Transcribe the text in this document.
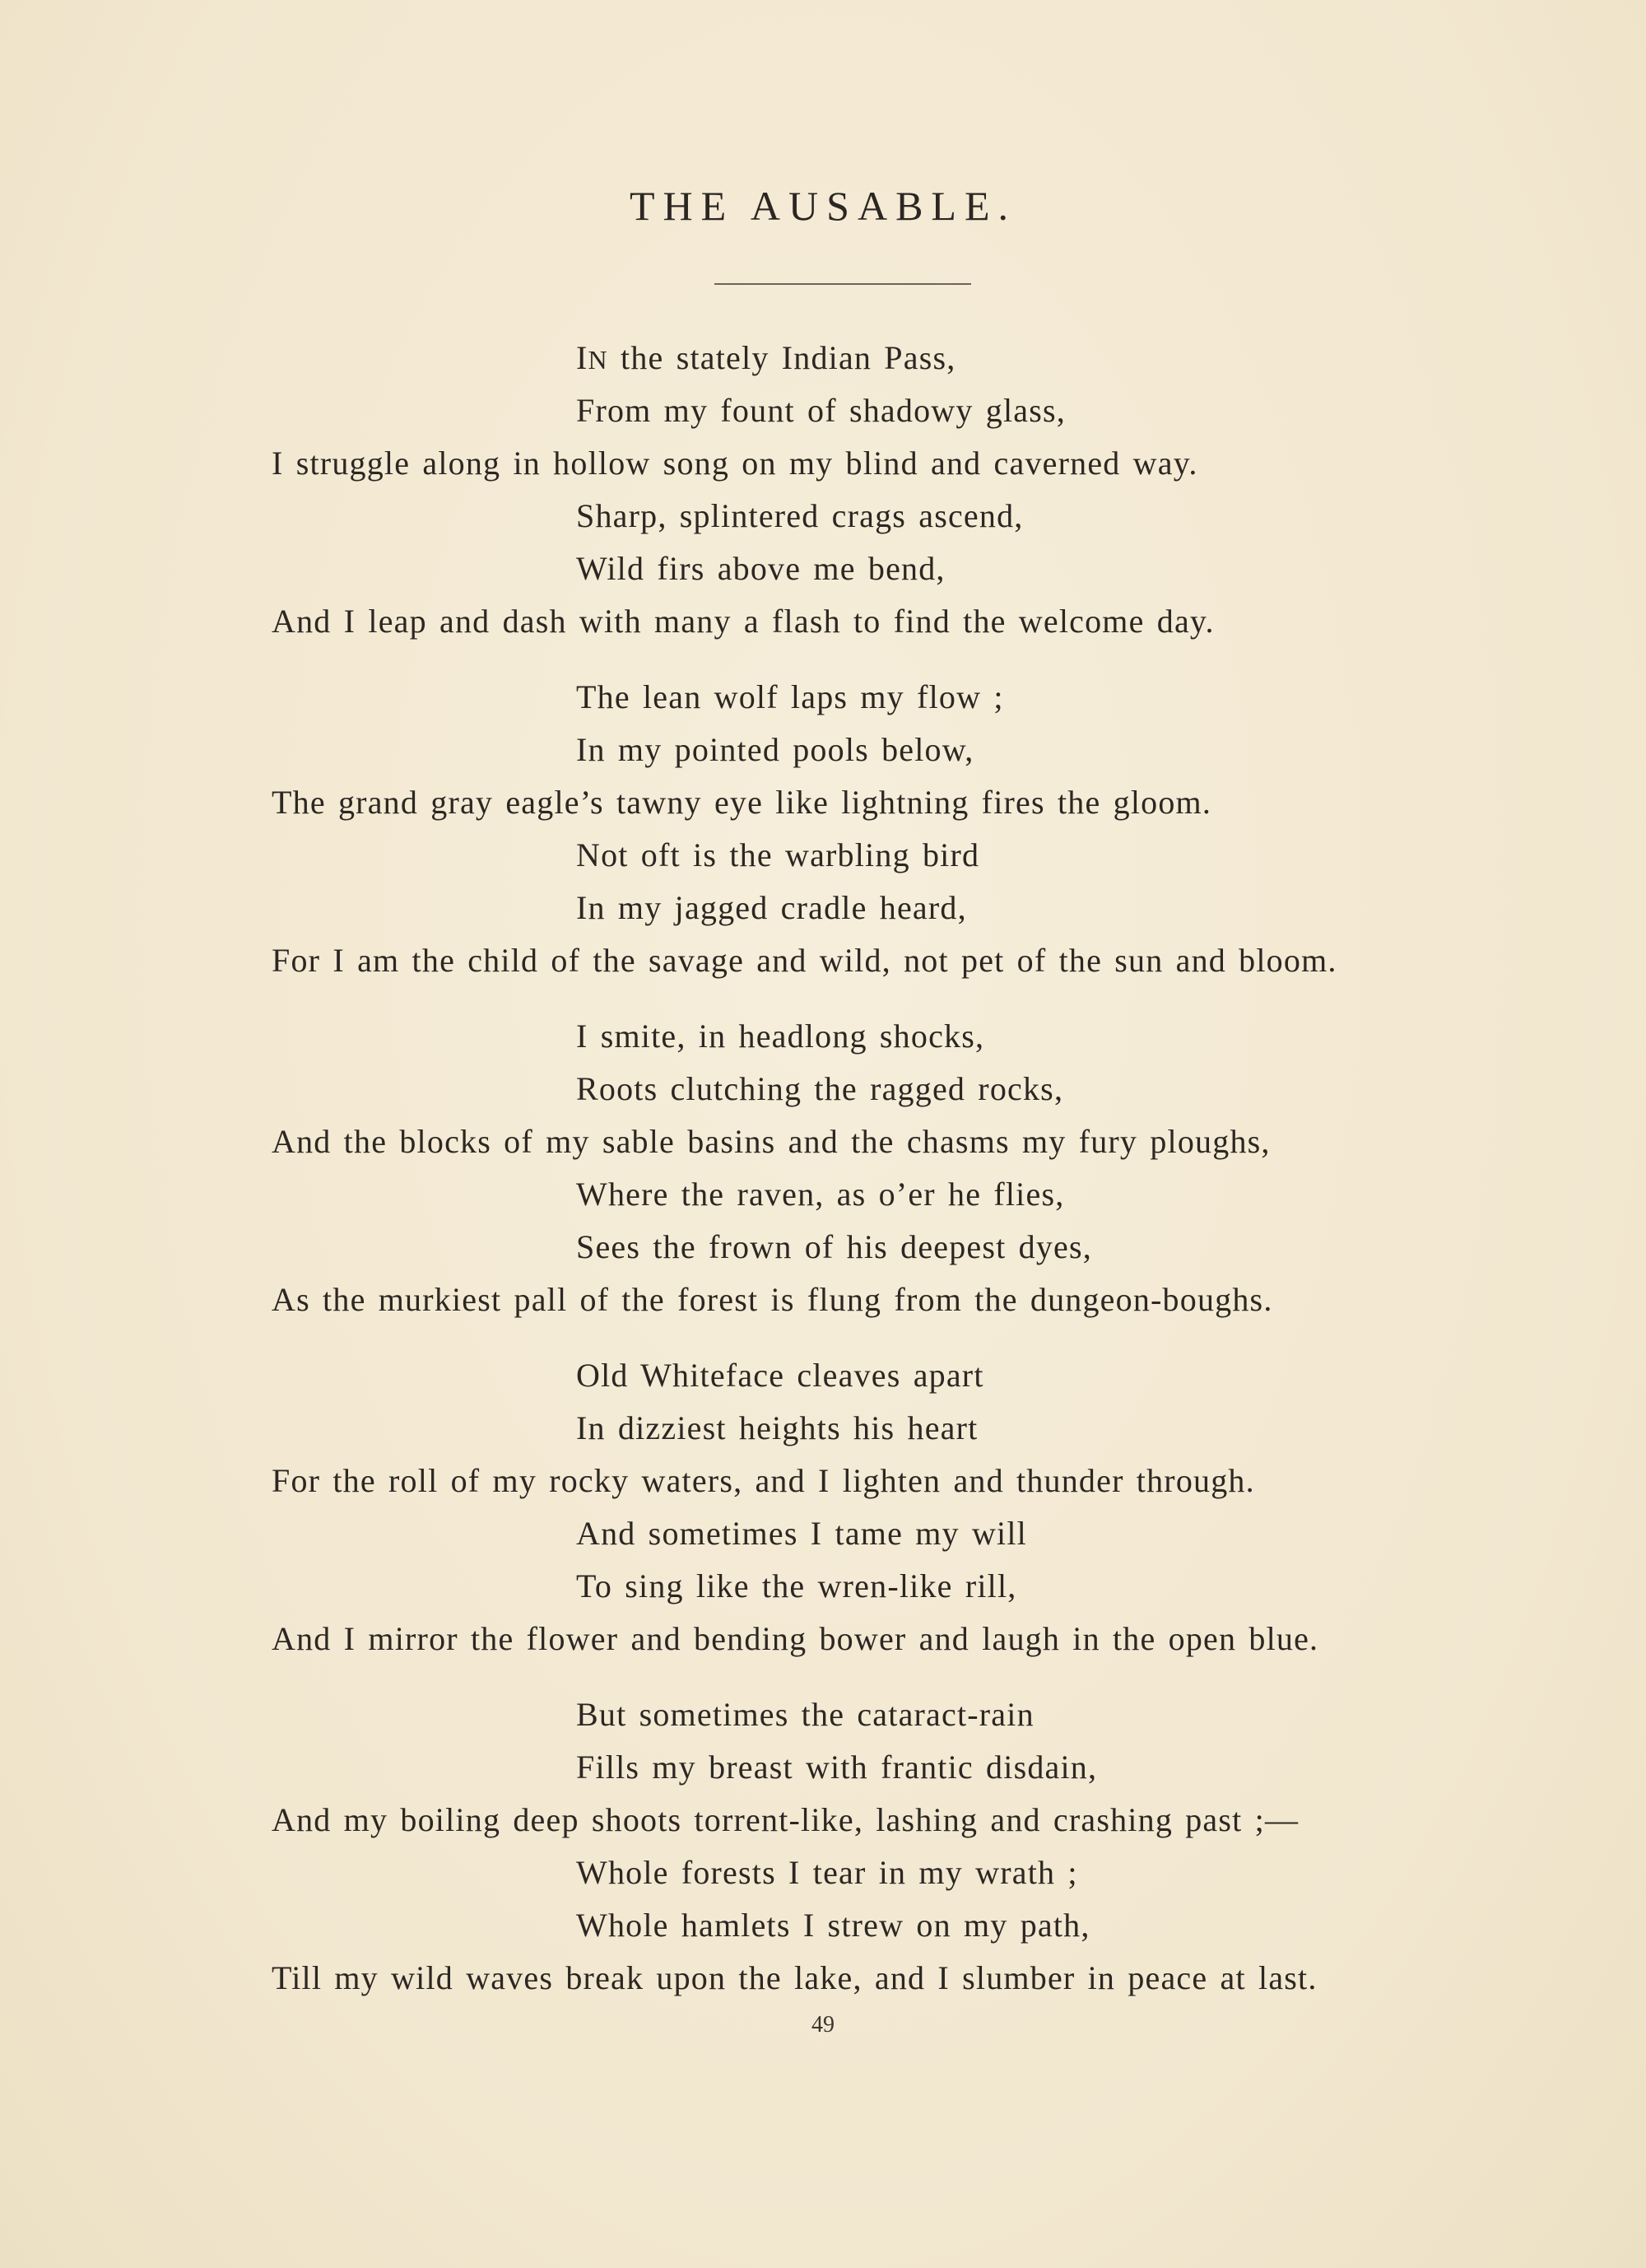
THE AUSABLE.
IN the stately Indian Pass,
From my fount of shadowy glass,
I struggle along in hollow song on my blind and caverned way.
Sharp, splintered crags ascend,
Wild firs above me bend,
And I leap and dash with many a flash to find the welcome day.
The lean wolf laps my flow ;
In my pointed pools below,
The grand gray eagle’s tawny eye like lightning fires the gloom.
Not oft is the warbling bird
In my jagged cradle heard,
For I am the child of the savage and wild, not pet of the sun and bloom.
I smite, in headlong shocks,
Roots clutching the ragged rocks,
And the blocks of my sable basins and the chasms my fury ploughs,
Where the raven, as o’er he flies,
Sees the frown of his deepest dyes,
As the murkiest pall of the forest is flung from the dungeon-boughs.
Old Whiteface cleaves apart
In dizziest heights his heart
For the roll of my rocky waters, and I lighten and thunder through.
And sometimes I tame my will
To sing like the wren-like rill,
And I mirror the flower and bending bower and laugh in the open blue.
But sometimes the cataract-rain
Fills my breast with frantic disdain,
And my boiling deep shoots torrent-like, lashing and crashing past ;—
Whole forests I tear in my wrath ;
Whole hamlets I strew on my path,
Till my wild waves break upon the lake, and I slumber in peace at last.
49
